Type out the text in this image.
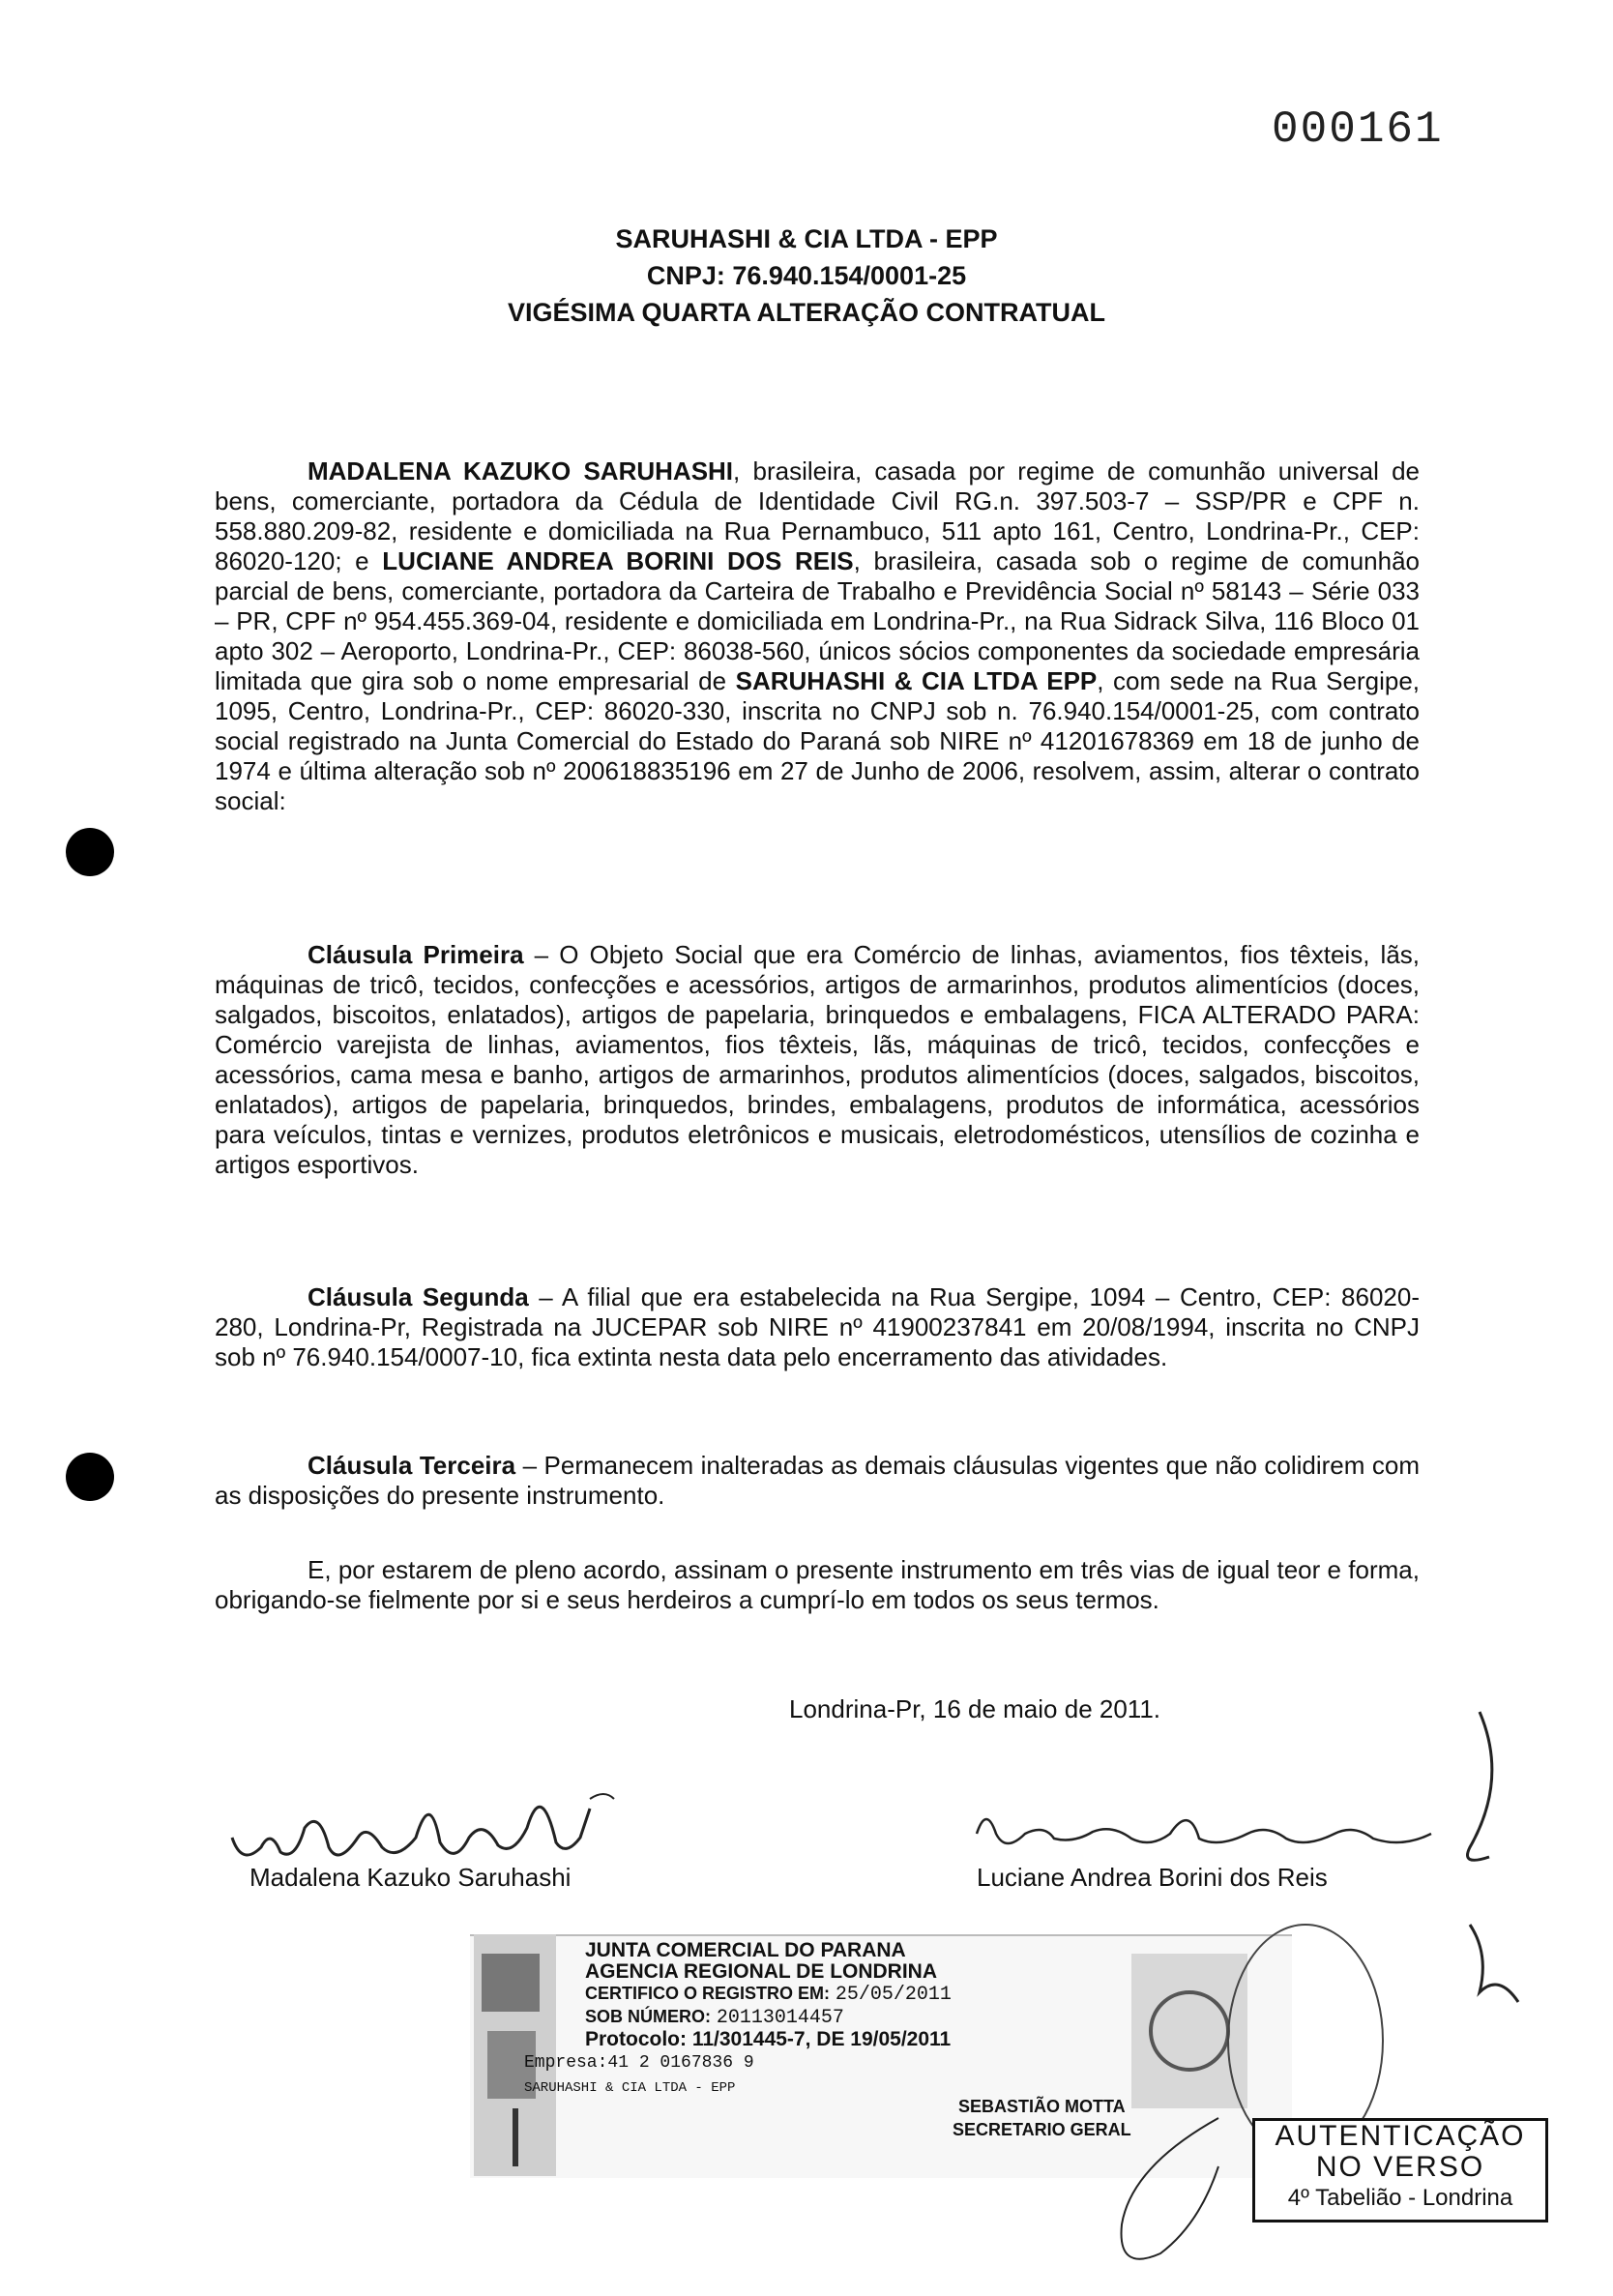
000161
SARUHASHI & CIA LTDA - EPP
CNPJ: 76.940.154/0001-25
VIGÉSIMA QUARTA ALTERAÇÃO CONTRATUAL

MADALENA KAZUKO SARUHASHI, brasileira, casada por regime de comunhão universal de bens, comerciante, portadora da Cédula de Identidade Civil RG.n. 397.503-7 – SSP/PR e CPF n. 558.880.209-82, residente e domiciliada na Rua Pernambuco, 511 apto 161, Centro, Londrina-Pr., CEP: 86020-120; e LUCIANE ANDREA BORINI DOS REIS, brasileira, casada sob o regime de comunhão parcial de bens, comerciante, portadora da Carteira de Trabalho e Previdência Social nº 58143 – Série 033 – PR, CPF nº 954.455.369-04, residente e domiciliada em Londrina-Pr., na Rua Sidrack Silva, 116 Bloco 01 apto 302 – Aeroporto, Londrina-Pr., CEP: 86038-560, únicos sócios componentes da sociedade empresária limitada que gira sob o nome empresarial de SARUHASHI & CIA LTDA EPP, com sede na Rua Sergipe, 1095, Centro, Londrina-Pr., CEP: 86020-330, inscrita no CNPJ sob n. 76.940.154/0001-25, com contrato social registrado na Junta Comercial do Estado do Paraná sob NIRE nº 41201678369 em 18 de junho de 1974 e última alteração sob nº 200618835196 em 27 de Junho de 2006, resolvem, assim, alterar o contrato social:

Cláusula Primeira – O Objeto Social que era Comércio de linhas, aviamentos, fios têxteis, lãs, máquinas de tricô, tecidos, confecções e acessórios, artigos de armarinhos, produtos alimentícios (doces, salgados, biscoitos, enlatados), artigos de papelaria, brinquedos e embalagens, FICA ALTERADO PARA: Comércio varejista de linhas, aviamentos, fios têxteis, lãs, máquinas de tricô, tecidos, confecções e acessórios, cama mesa e banho, artigos de armarinhos, produtos alimentícios (doces, salgados, biscoitos, enlatados), artigos de papelaria, brinquedos, brindes, embalagens, produtos de informática, acessórios para veículos, tintas e vernizes, produtos eletrônicos e musicais, eletrodomésticos, utensílios de cozinha e artigos esportivos.

Cláusula Segunda – A filial que era estabelecida na Rua Sergipe, 1094 – Centro, CEP: 86020-280, Londrina-Pr, Registrada na JUCEPAR sob NIRE nº 41900237841 em 20/08/1994, inscrita no CNPJ sob nº 76.940.154/0007-10, fica extinta nesta data pelo encerramento das atividades.

Cláusula Terceira – Permanecem inalteradas as demais cláusulas vigentes que não colidirem com as disposições do presente instrumento.

E, por estarem de pleno acordo, assinam o presente instrumento em três vias de igual teor e forma, obrigando-se fielmente por si e seus herdeiros a cumprí-lo em todos os seus termos.

Londrina-Pr, 16 de maio de 2011.
Madalena Kazuko Saruhashi	Luciane Andrea Borini dos Reis
JUNTA COMERCIAL DO PARANA
AGENCIA REGIONAL DE LONDRINA
CERTIFICO O REGISTRO EM: 25/05/2011
SOB NÚMERO: 20113014457
Protocolo: 11/301445-7, DE 19/05/2011
Empresa:41 2 0167836 9
SARUHASHI & CIA LTDA - EPP
SEBASTIÃO MOTTA
SECRETARIO GERAL	AUTENTICAÇÃO
NO VERSO
4º Tabelião - Londrina
